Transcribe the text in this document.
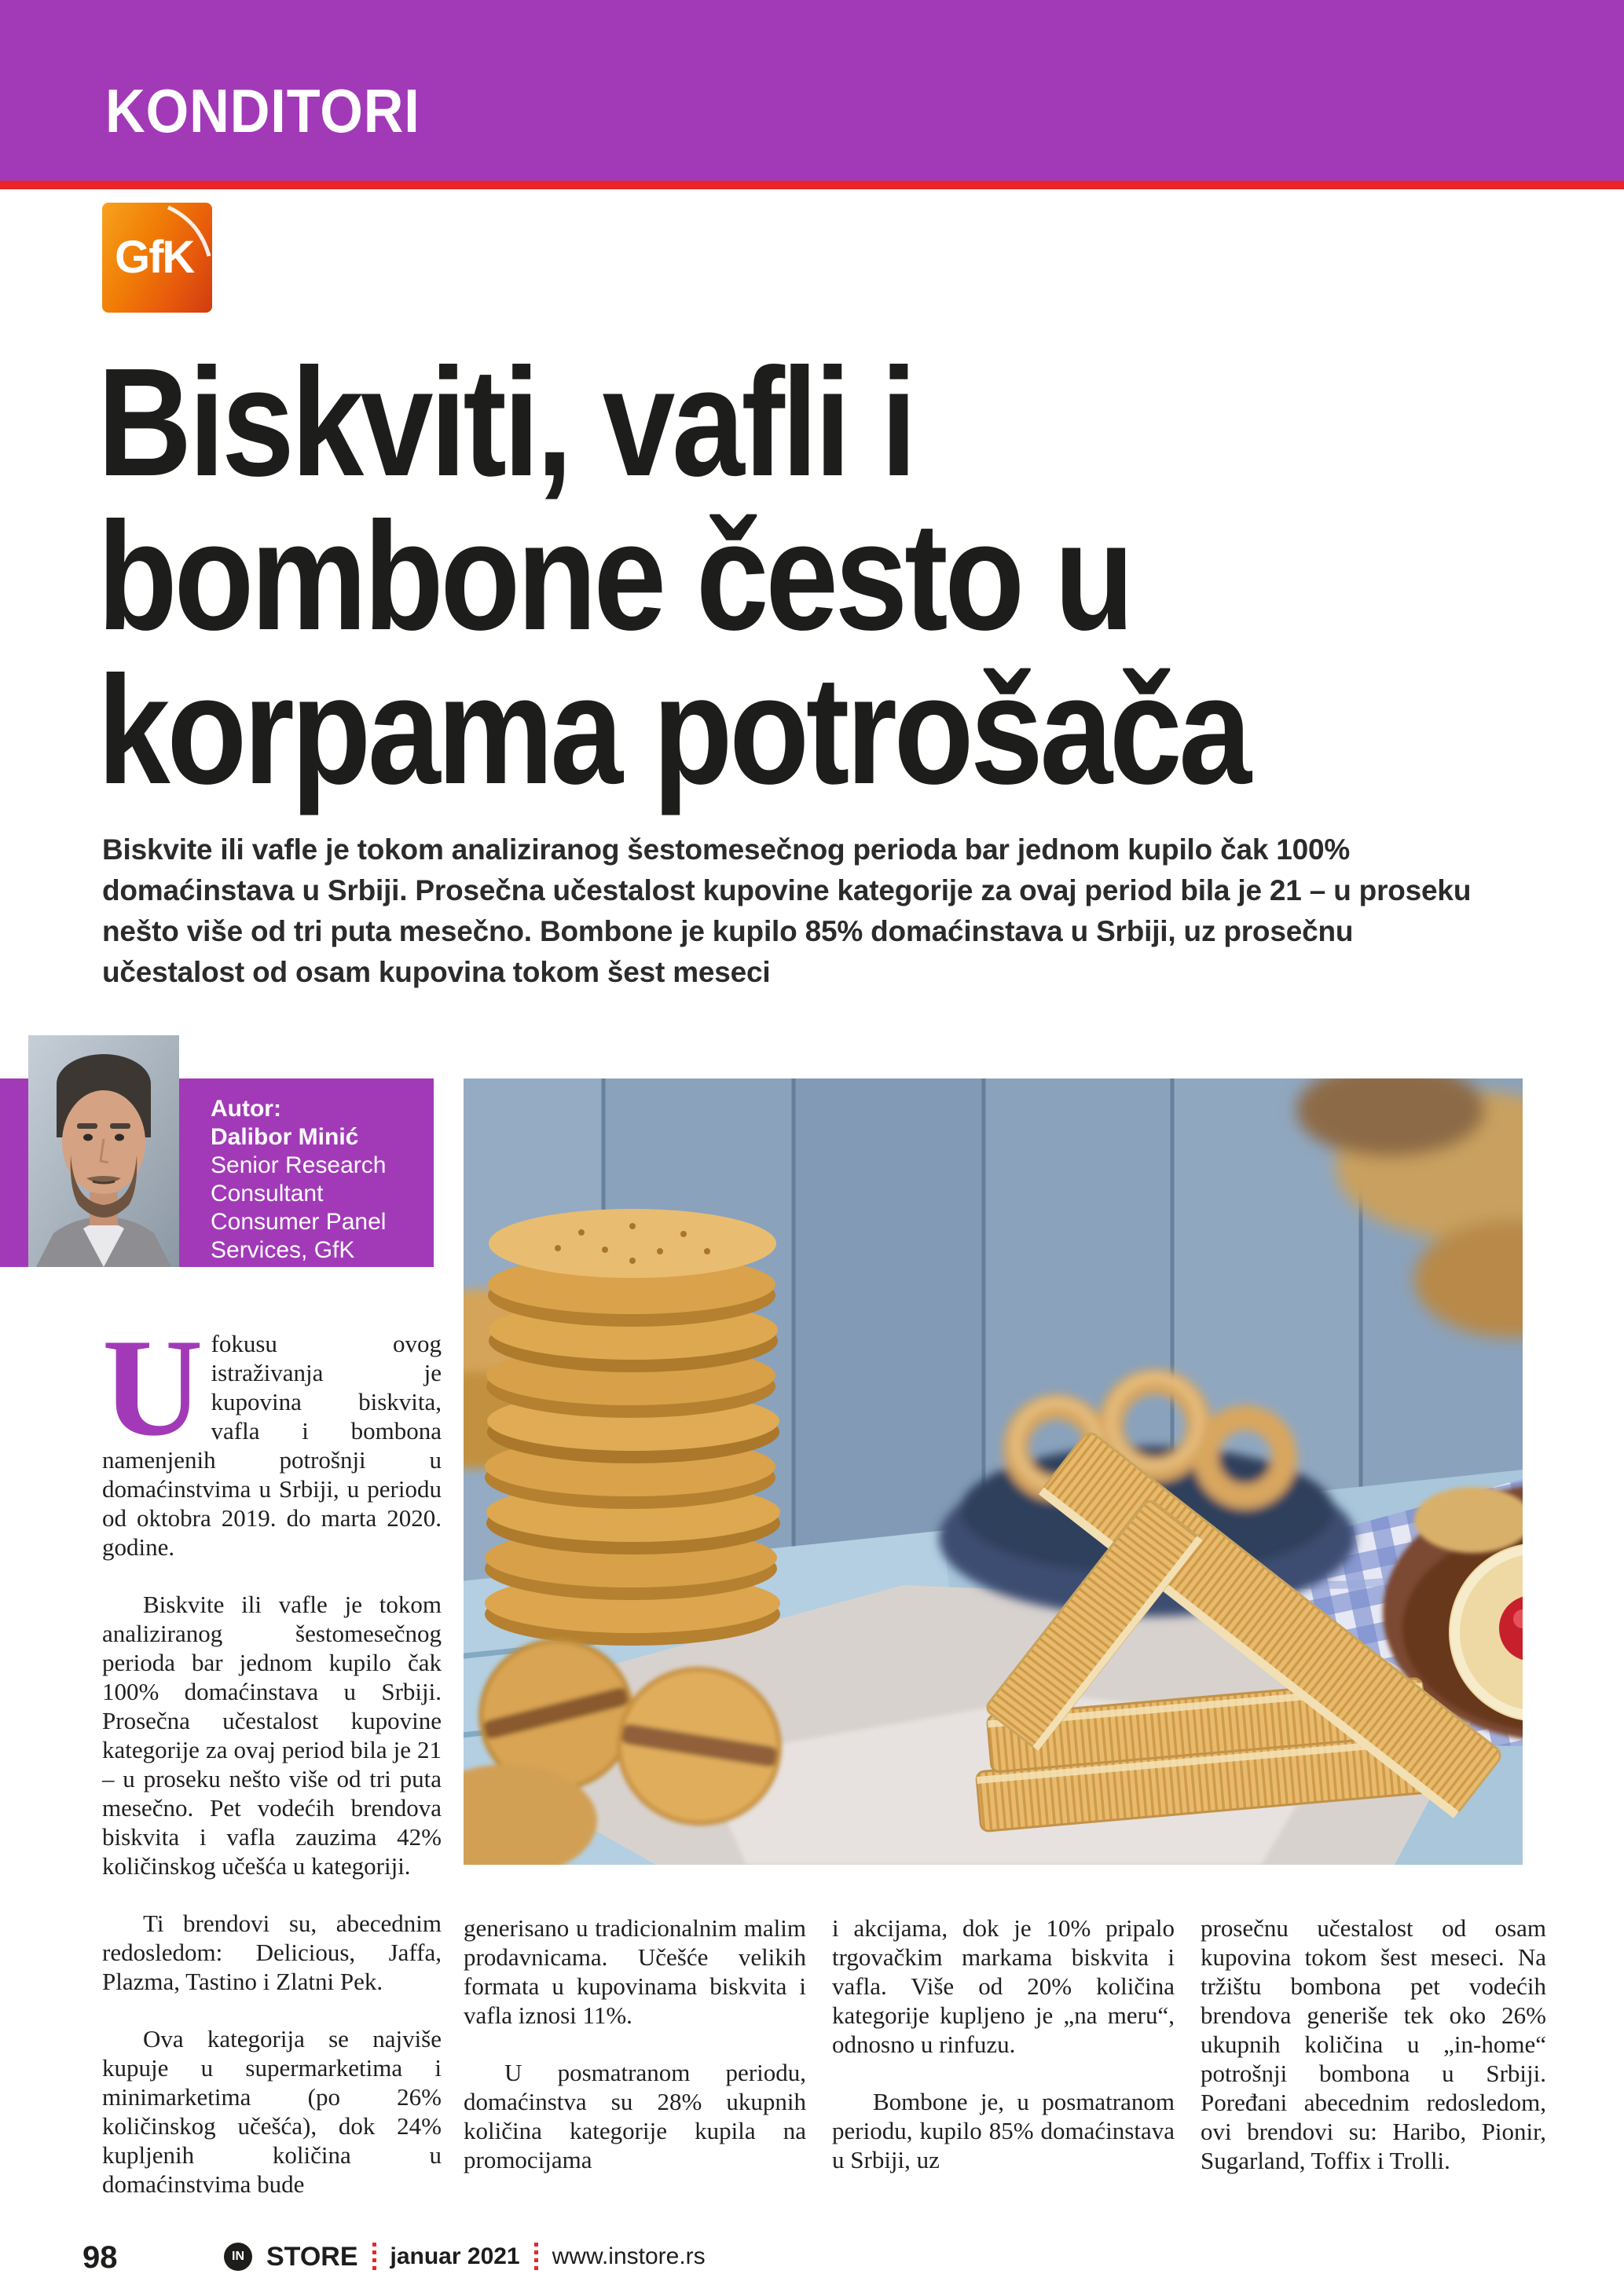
KONDITORI
GfK
Biskviti, vafli i
bombone često u
korpama potrošača
Biskvite ili vafle je tokom analiziranog šestomesečnog perioda bar jednom kupilo čak 100% domaćinstava u Srbiji. Prosečna učestalost kupovine kategorije za ovaj period bila je 21 – u proseku nešto više od tri puta mesečno. Bombone je kupilo 85% domaćinstava u Srbiji, uz prosečnu učestalost od osam kupovina tokom šest meseci
Autor:
Dalibor Minić
Senior Research
Consultant
Consumer Panel
Services, GfK

Ufokusu ovog istraživanja je kupovina biskvita, vafla i bombona namenjenih potrošnji u domaćinstvima u Srbiji, u periodu od oktobra 2019. do marta 2020. godine.

Biskvite ili vafle je tokom analiziranog šestomesečnog perioda bar jednom kupilo čak 100% domaćinstava u Srbiji. Prosečna učestalost kupovine kategorije za ovaj period bila je 21 – u proseku nešto više od tri puta mesečno. Pet vodećih brendova biskvita i vafla zauzima 42% količinskog učešća u kategoriji.

Ti brendovi su, abecednim redosledom: Delicious, Jaffa, Plazma, Tastino i Zlatni Pek.

Ova kategorija se najviše kupuje u supermarketima i minimarketima (po 26% količinskog učešća), dok 24% kupljenih količina u domaćinstvima bude

generisano u tradicionalnim malim prodavnicama. Učešće velikih formata u kupovinama biskvita i vafla iznosi 11%.

U posmatranom periodu, domaćinstva su 28% ukupnih količina kategorije kupila na promocijama

i akcijama, dok je 10% pripalo trgovačkim markama biskvita i vafla. Više od 20% količina kategorije kupljeno je „na meru“, odnosno u rinfuzu.

Bombone je, u posmatranom periodu, kupilo 85% domaćinstava u Srbiji, uz

prosečnu učestalost od osam kupovina tokom šest meseci. Na tržištu bombona pet vodećih brendova generiše tek oko 26% ukupnih količina u „in-home“ potrošnji bombona u Srbiji. Poređani abecednim redosledom, ovi brendovi su: Haribo, Pionir, Sugarland, Toffix i Trolli.

98	IN STORE januar 2021 www.instore.rs
